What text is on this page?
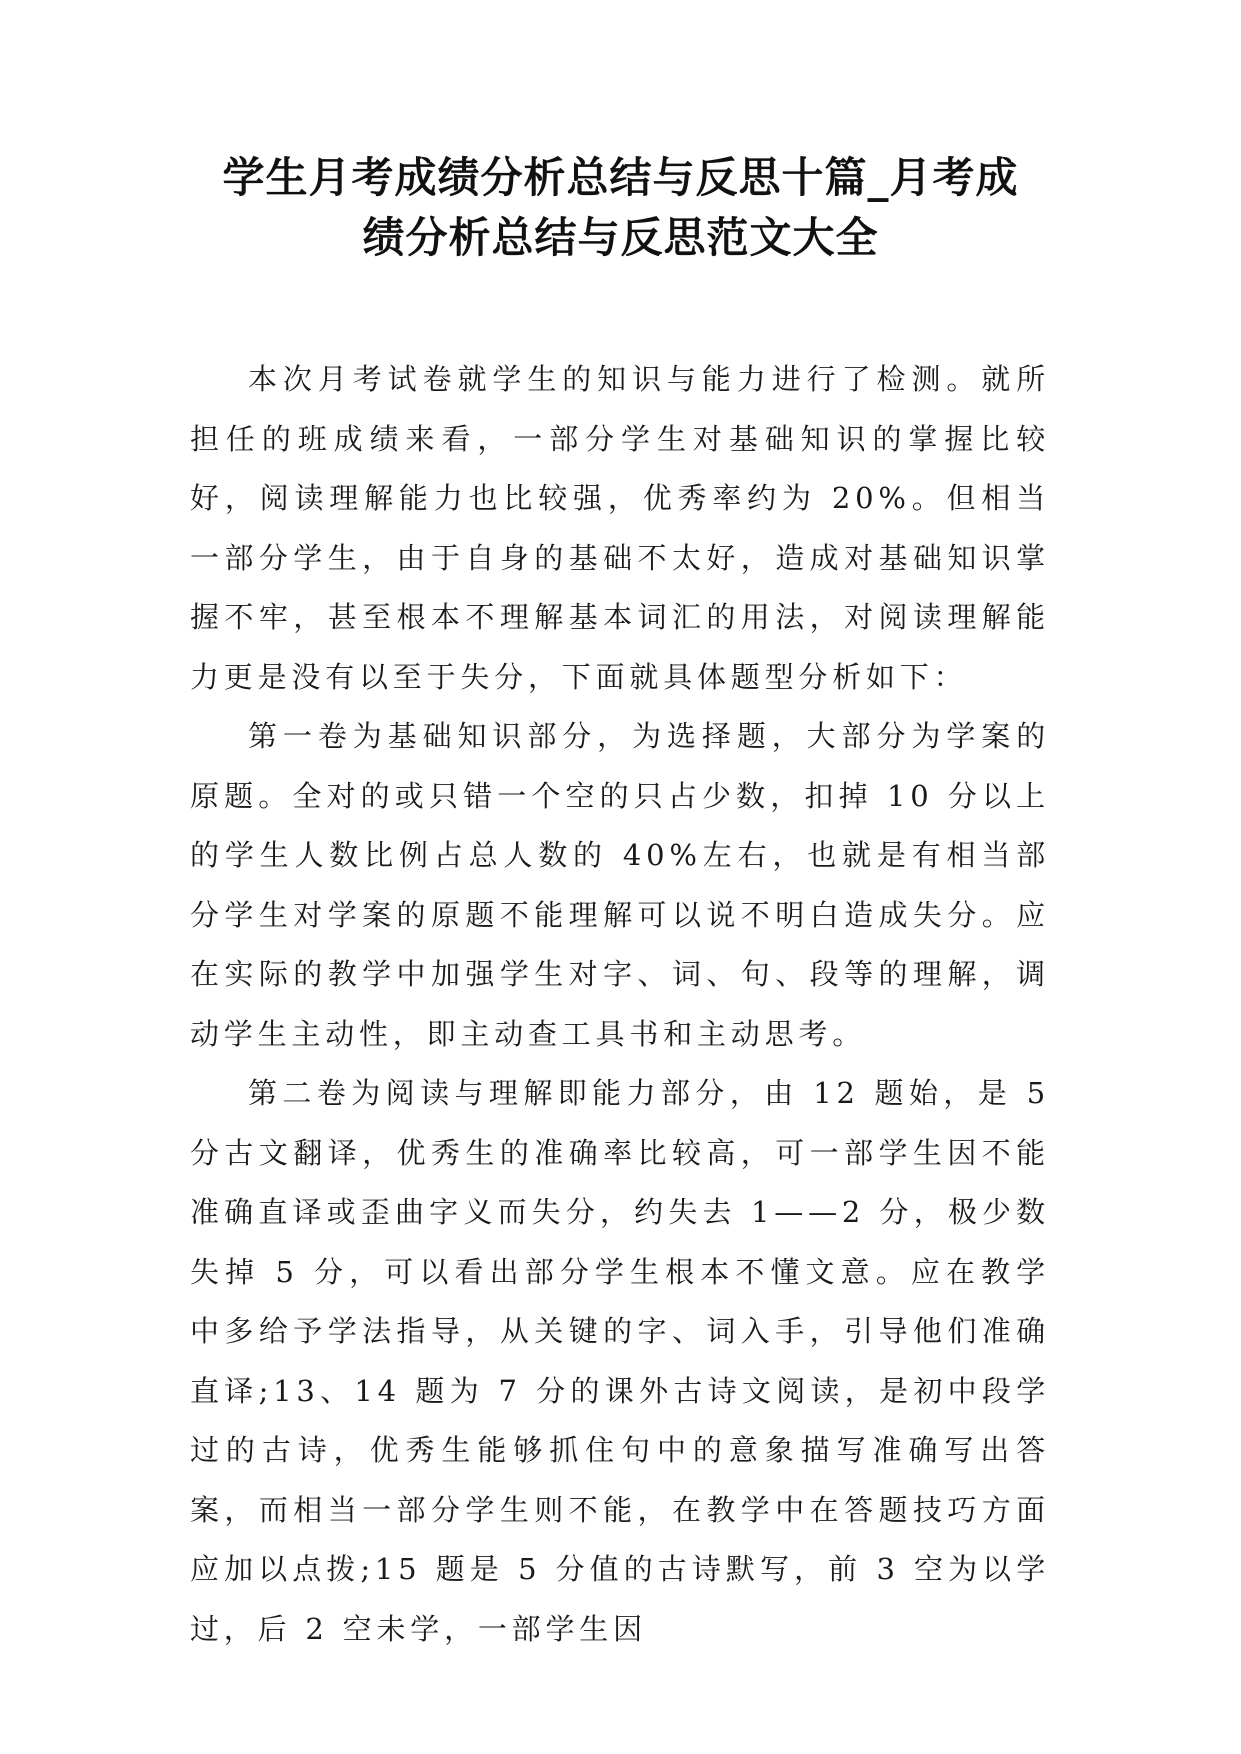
学生月考成绩分析总结与反思十篇_月考成
绩分析总结与反思范文大全

本次月考试卷就学生的知识与能力进行了检测。就所担任的班成绩来看，一部分学生对基础知识的掌握比较好，阅读理解能力也比较强，优秀率约为 20%。但相当一部分学生，由于自身的基础不太好，造成对基础知识掌握不牢，甚至根本不理解基本词汇的用法，对阅读理解能力更是没有以至于失分，下面就具体题型分析如下：

第一卷为基础知识部分，为选择题，大部分为学案的原题。全对的或只错一个空的只占少数，扣掉 10 分以上的学生人数比例占总人数的 40%左右，也就是有相当部分学生对学案的原题不能理解可以说不明白造成失分。应在实际的教学中加强学生对字、词、句、段等的理解，调动学生主动性，即主动查工具书和主动思考。

第二卷为阅读与理解即能力部分，由 12 题始，是 5 分古文翻译，优秀生的准确率比较高，可一部学生因不能准确直译或歪曲字义而失分，约失去 1——2 分，极少数失掉 5 分，可以看出部分学生根本不懂文意。应在教学中多给予学法指导，从关键的字、词入手，引导他们准确直译;13、14 题为 7 分的课外古诗文阅读，是初中段学过的古诗，优秀生能够抓住句中的意象描写准确写出答案，而相当一部分学生则不能，在教学中在答题技巧方面应加以点拨;15 题是 5 分值的古诗默写，前 3 空为以学过，后 2 空未学，一部学生因
